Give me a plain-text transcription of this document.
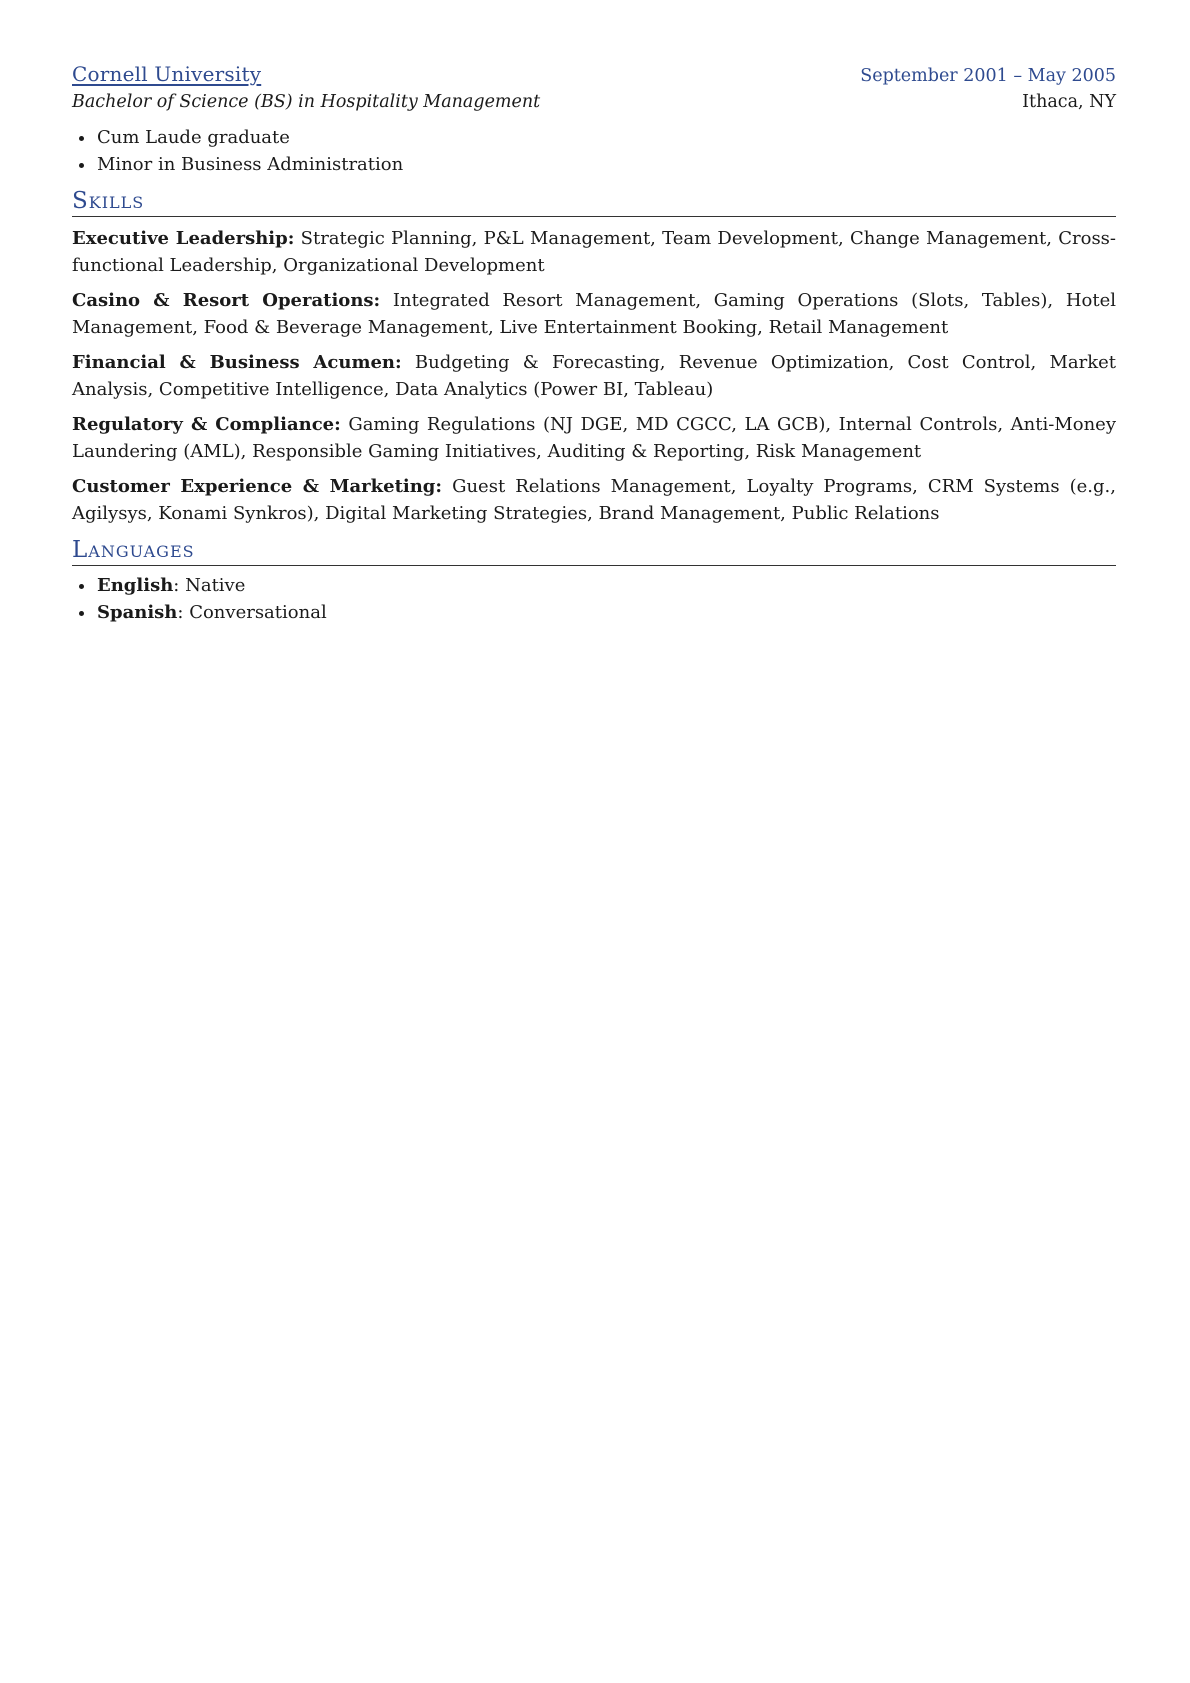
Cornell University	September 2001 – May 2005
Bachelor of Science (BS) in Hospitality Management	Ithaca, NY
Cum Laude graduate
Minor in Business Administration
Skills
Executive Leadership: Strategic Planning, P&L Management, Team Development, Change Management, Cross-functional Leadership, Organizational Development
Casino & Resort Operations: Integrated Resort Management, Gaming Operations (Slots, Tables), Hotel Management, Food & Beverage Management, Live Entertainment Booking, Retail Management
Financial & Business Acumen: Budgeting & Forecasting, Revenue Optimization, Cost Control, Market Analysis, Competitive Intelligence, Data Analytics (Power BI, Tableau)
Regulatory & Compliance: Gaming Regulations (NJ DGE, MD CGCC, LA GCB), Internal Controls, Anti-Money Laundering (AML), Responsible Gaming Initiatives, Auditing & Reporting, Risk Management
Customer Experience & Marketing: Guest Relations Management, Loyalty Programs, CRM Systems (e.g., Agilysys, Konami Synkros), Digital Marketing Strategies, Brand Management, Public Relations
Languages
English: Native
Spanish: Conversational
